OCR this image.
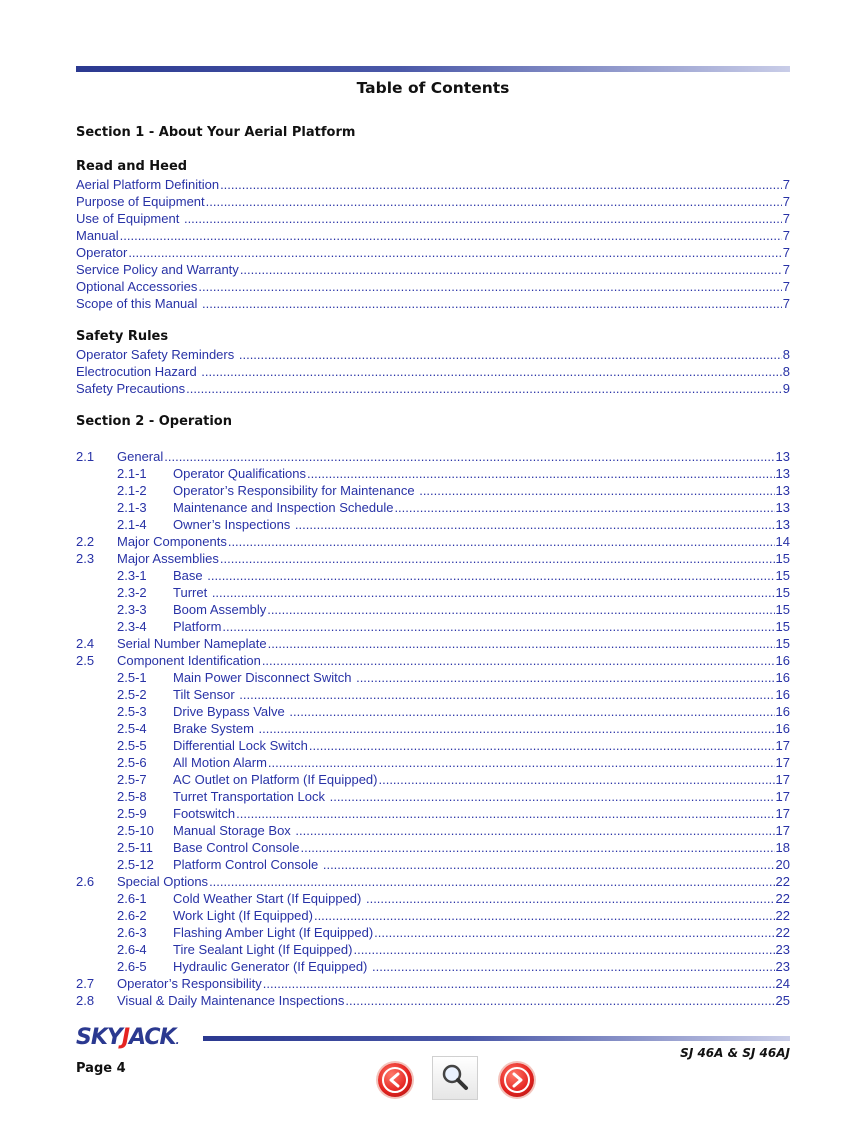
Table of Contents
Section 1 - About Your Aerial Platform
Read and Heed
Aerial Platform Definition .....	7
Purpose of Equipment .....	7
Use of Equipment .....	7
Manual .....	7
Operator .....	7
Service Policy and Warranty .....	7
Optional Accessories .....	7
Scope of this Manual .....	7
Safety Rules
Operator Safety Reminders .....	8
Electrocution Hazard .....	8
Safety Precautions .....	9
Section 2 - Operation
2.1	General .....	13
2.1-1	Operator Qualifications .....	13
2.1-2	Operator’s Responsibility for Maintenance .....	13
2.1-3	Maintenance and Inspection Schedule .....	13
2.1-4	Owner’s Inspections .....	13
2.2	Major Components .....	14
2.3	Major Assemblies .....	15
2.3-1	Base .....	15
2.3-2	Turret .....	15
2.3-3	Boom Assembly .....	15
2.3-4	Platform .....	15
2.4	Serial Number Nameplate .....	15
2.5	Component Identification .....	16
2.5-1	Main Power Disconnect Switch .....	16
2.5-2	Tilt Sensor .....	16
2.5-3	Drive Bypass Valve .....	16
2.5-4	Brake System .....	16
2.5-5	Differential Lock Switch .....	17
2.5-6	All Motion Alarm .....	17
2.5-7	AC Outlet on Platform (If Equipped) .....	17
2.5-8	Turret Transportation Lock .....	17
2.5-9	Footswitch .....	17
2.5-10	Manual Storage Box .....	17
2.5-11	Base Control Console .....	18
2.5-12	Platform Control Console .....	20
2.6	Special Options .....	22
2.6-1	Cold Weather Start (If Equipped) .....	22
2.6-2	Work Light (If Equipped) .....	22
2.6-3	Flashing Amber Light (If Equipped) .....	22
2.6-4	Tire Sealant Light (If Equipped) .....	23
2.6-5	Hydraulic Generator (If Equipped) .....	23
2.7	Operator’s Responsibility .....	24
2.8	Visual & Daily Maintenance Inspections .....	25
SKYJACK.
SJ 46A & SJ 46AJ
Page 4
